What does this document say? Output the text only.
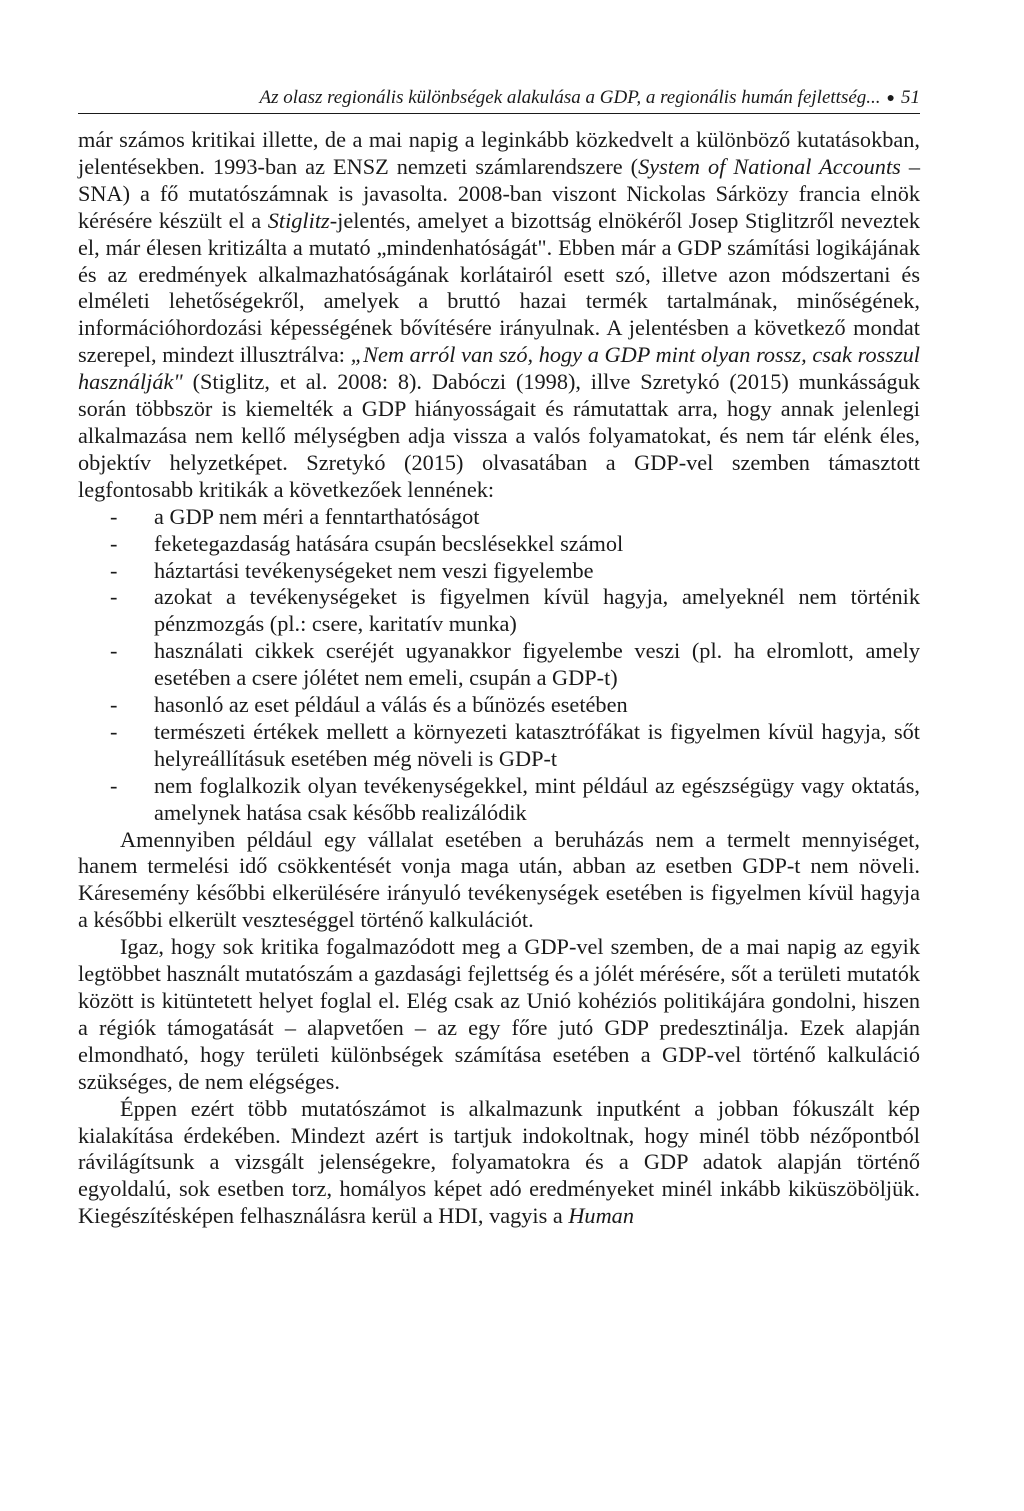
Az olasz regionális különbségek alakulása a GDP, a regionális humán fejlettség... ● 51

már számos kritikai illette, de a mai napig a leginkább közkedvelt a különböző kutatásokban, jelentésekben. 1993-ban az ENSZ nemzeti számlarendszere (System of National Accounts – SNA) a fő mutatószámnak is javasolta. 2008-ban viszont Nickolas Sárközy francia elnök kérésére készült el a Stiglitz-jelentés, amelyet a bizottság elnökéről Josep Stiglitzről neveztek el, már élesen kritizálta a mutató „mindenhatóságát". Ebben már a GDP számítási logikájának és az eredmények alkalmazhatóságának korlátairól esett szó, illetve azon módszertani és elméleti lehetőségekről, amelyek a bruttó hazai termék tartalmának, minőségének, információhordozási képességének bővítésére irányulnak. A jelentésben a következő mondat szerepel, mindezt illusztrálva: „Nem arról van szó, hogy a GDP mint olyan rossz, csak rosszul használják" (Stiglitz, et al. 2008: 8). Dabóczi (1998), illve Szretykó (2015) munkásságuk során többször is kiemelték a GDP hiányosságait és rámutattak arra, hogy annak jelenlegi alkalmazása nem kellő mélységben adja vissza a valós folyamatokat, és nem tár elénk éles, objektív helyzetképet. Szretykó (2015) olvasatában a GDP-vel szemben támasztott legfontosabb kritikák a következőek lennének:

- a GDP nem méri a fenntarthatóságot
- feketegazdaság hatására csupán becslésekkel számol
- háztartási tevékenységeket nem veszi figyelembe
- azokat a tevékenységeket is figyelmen kívül hagyja, amelyeknél nem történik pénzmozgás (pl.: csere, karitatív munka)
- használati cikkek cseréjét ugyanakkor figyelembe veszi (pl. ha elromlott, amely esetében a csere jólétet nem emeli, csupán a GDP-t)
- hasonló az eset például a válás és a bűnözés esetében
- természeti értékek mellett a környezeti katasztrófákat is figyelmen kívül hagyja, sőt helyreállításuk esetében még növeli is GDP-t
- nem foglalkozik olyan tevékenységekkel, mint például az egészségügy vagy oktatás, amelynek hatása csak később realizálódik

Amennyiben például egy vállalat esetében a beruházás nem a termelt mennyiséget, hanem termelési idő csökkentését vonja maga után, abban az esetben GDP-t nem növeli. Káresemény későbbi elkerülésére irányuló tevékenységek esetében is figyelmen kívül hagyja a későbbi elkerült veszteséggel történő kalkulációt.

Igaz, hogy sok kritika fogalmazódott meg a GDP-vel szemben, de a mai napig az egyik legtöbbet használt mutatószám a gazdasági fejlettség és a jólét mérésére, sőt a területi mutatók között is kitüntetett helyet foglal el. Elég csak az Unió kohéziós politikájára gondolni, hiszen a régiók támogatását – alapvetően – az egy főre jutó GDP predesztinálja. Ezek alapján elmondható, hogy területi különbségek számítása esetében a GDP-vel történő kalkuláció szükséges, de nem elégséges.

Éppen ezért több mutatószámot is alkalmazunk inputként a jobban fókuszált kép kialakítása érdekében. Mindezt azért is tartjuk indokoltnak, hogy minél több nézőpontból rávilágítsunk a vizsgált jelenségekre, folyamatokra és a GDP adatok alapján történő egyoldalú, sok esetben torz, homályos képet adó eredményeket minél inkább kiküszöböljük. Kiegészítésképen felhasználásra kerül a HDI, vagyis a Human
